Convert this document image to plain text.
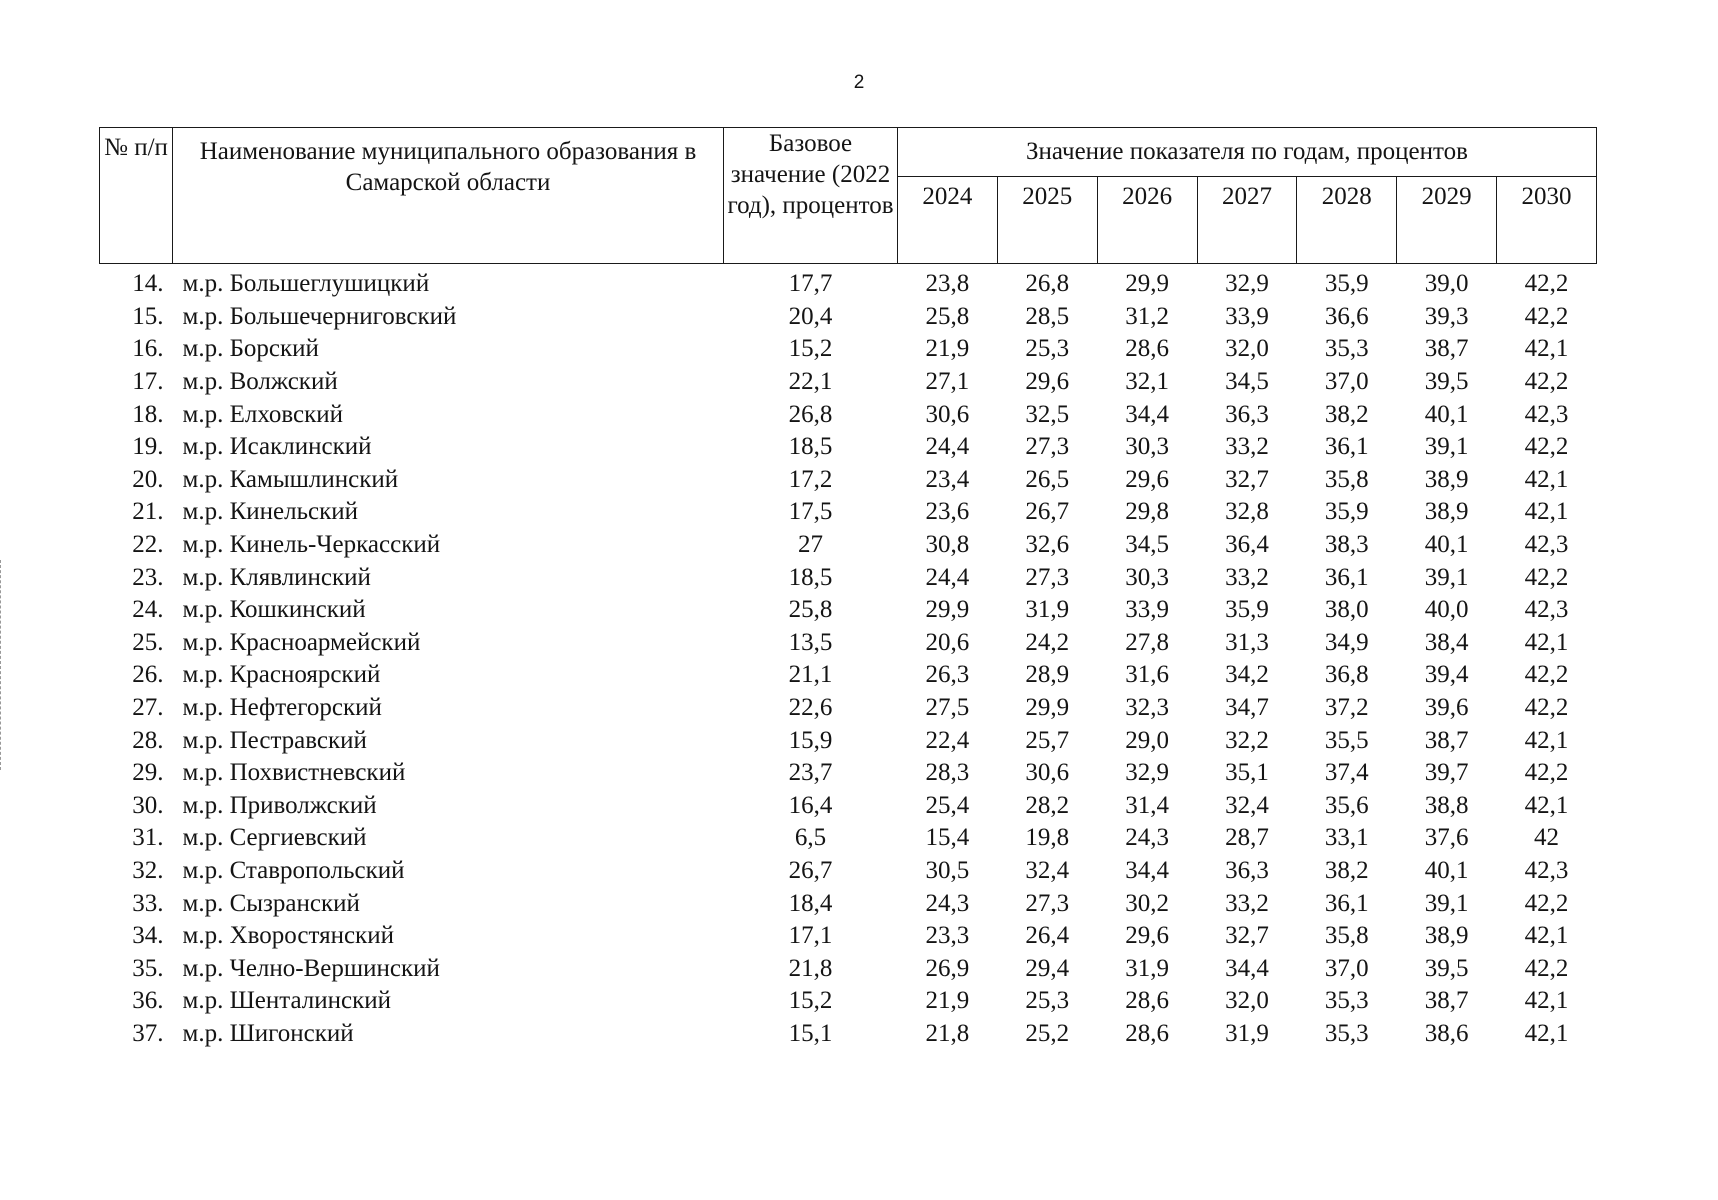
2
№ п/п	Наименование муниципального образования в Самарской области	Базовое значение (2022 год), процентов	Значение показателя по годам, процентов						
			2024	2025	2026	2027	2028	2029	2030
14.	м.р. Большеглушицкий	17,7	23,8	26,8	29,9	32,9	35,9	39,0	42,2
15.	м.р. Большечерниговский	20,4	25,8	28,5	31,2	33,9	36,6	39,3	42,2
16.	м.р. Борский	15,2	21,9	25,3	28,6	32,0	35,3	38,7	42,1
17.	м.р. Волжский	22,1	27,1	29,6	32,1	34,5	37,0	39,5	42,2
18.	м.р. Елховский	26,8	30,6	32,5	34,4	36,3	38,2	40,1	42,3
19.	м.р. Исаклинский	18,5	24,4	27,3	30,3	33,2	36,1	39,1	42,2
20.	м.р. Камышлинский	17,2	23,4	26,5	29,6	32,7	35,8	38,9	42,1
21.	м.р. Кинельский	17,5	23,6	26,7	29,8	32,8	35,9	38,9	42,1
22.	м.р. Кинель-Черкасский	27	30,8	32,6	34,5	36,4	38,3	40,1	42,3
23.	м.р. Клявлинский	18,5	24,4	27,3	30,3	33,2	36,1	39,1	42,2
24.	м.р. Кошкинский	25,8	29,9	31,9	33,9	35,9	38,0	40,0	42,3
25.	м.р. Красноармейский	13,5	20,6	24,2	27,8	31,3	34,9	38,4	42,1
26.	м.р. Красноярский	21,1	26,3	28,9	31,6	34,2	36,8	39,4	42,2
27.	м.р. Нефтегорский	22,6	27,5	29,9	32,3	34,7	37,2	39,6	42,2
28.	м.р. Пестравский	15,9	22,4	25,7	29,0	32,2	35,5	38,7	42,1
29.	м.р. Похвистневский	23,7	28,3	30,6	32,9	35,1	37,4	39,7	42,2
30.	м.р. Приволжский	16,4	25,4	28,2	31,4	32,4	35,6	38,8	42,1
31.	м.р. Сергиевский	6,5	15,4	19,8	24,3	28,7	33,1	37,6	42
32.	м.р. Ставропольский	26,7	30,5	32,4	34,4	36,3	38,2	40,1	42,3
33.	м.р. Сызранский	18,4	24,3	27,3	30,2	33,2	36,1	39,1	42,2
34.	м.р. Хворостянский	17,1	23,3	26,4	29,6	32,7	35,8	38,9	42,1
35.	м.р. Челно-Вершинский	21,8	26,9	29,4	31,9	34,4	37,0	39,5	42,2
36.	м.р. Шенталинский	15,2	21,9	25,3	28,6	32,0	35,3	38,7	42,1
37.	м.р. Шигонский	15,1	21,8	25,2	28,6	31,9	35,3	38,6	42,1
